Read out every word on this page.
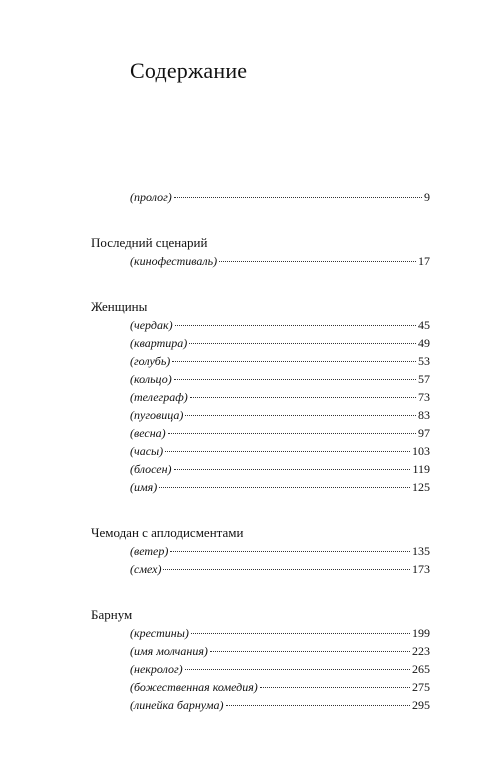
Содержание
(пролог)	9
Последний сценарий
(кинофестиваль)	17
Женщины
(чердак)	45
(квартира)	49
(голубь)	53
(кольцо)	57
(телеграф)	73
(пуговица)	83
(весна)	97
(часы)	103
(блосен)	119
(имя)	125
Чемодан с аплодисментами
(ветер)	135
(смех)	173
Барнум
(крестины)	199
(имя молчания)	223
(некролог)	265
(божественная комедия)	275
(линейка барнума)	295
